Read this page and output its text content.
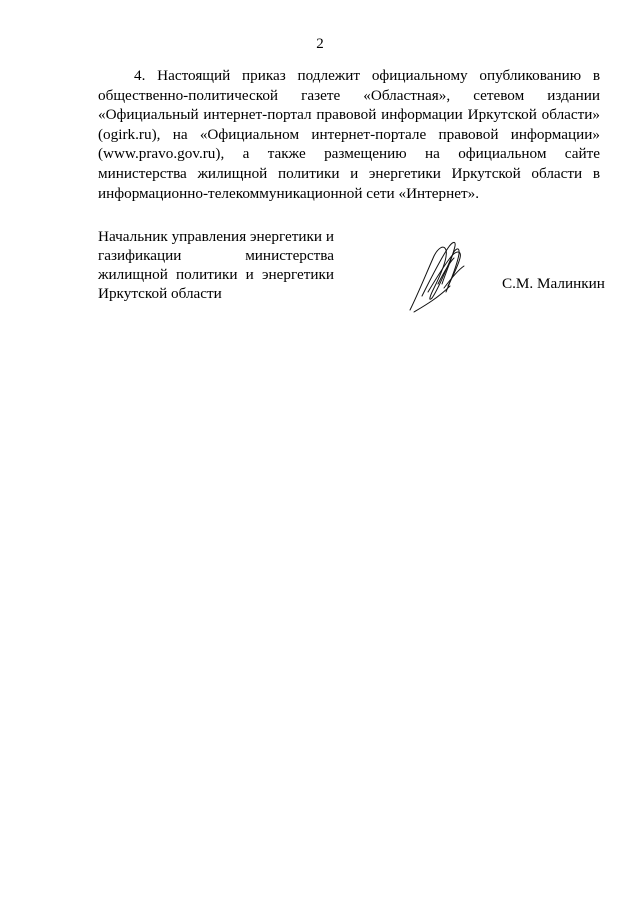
2

4. Настоящий приказ подлежит официальному опубликованию в общественно-политической газете «Областная», сетевом издании «Официальный интернет-портал правовой информации Иркутской области» (ogirk.ru), на «Официальном интернет-портале правовой информации» (www.pravo.gov.ru), а также размещению на официальном сайте министерства жилищной политики и энергетики Иркутской области в информационно-телекоммуникационной сети «Интернет».

Начальник управления энергетики и газификации министерства жилищной политики и энергетики Иркутской области

С.М. Малинкин
